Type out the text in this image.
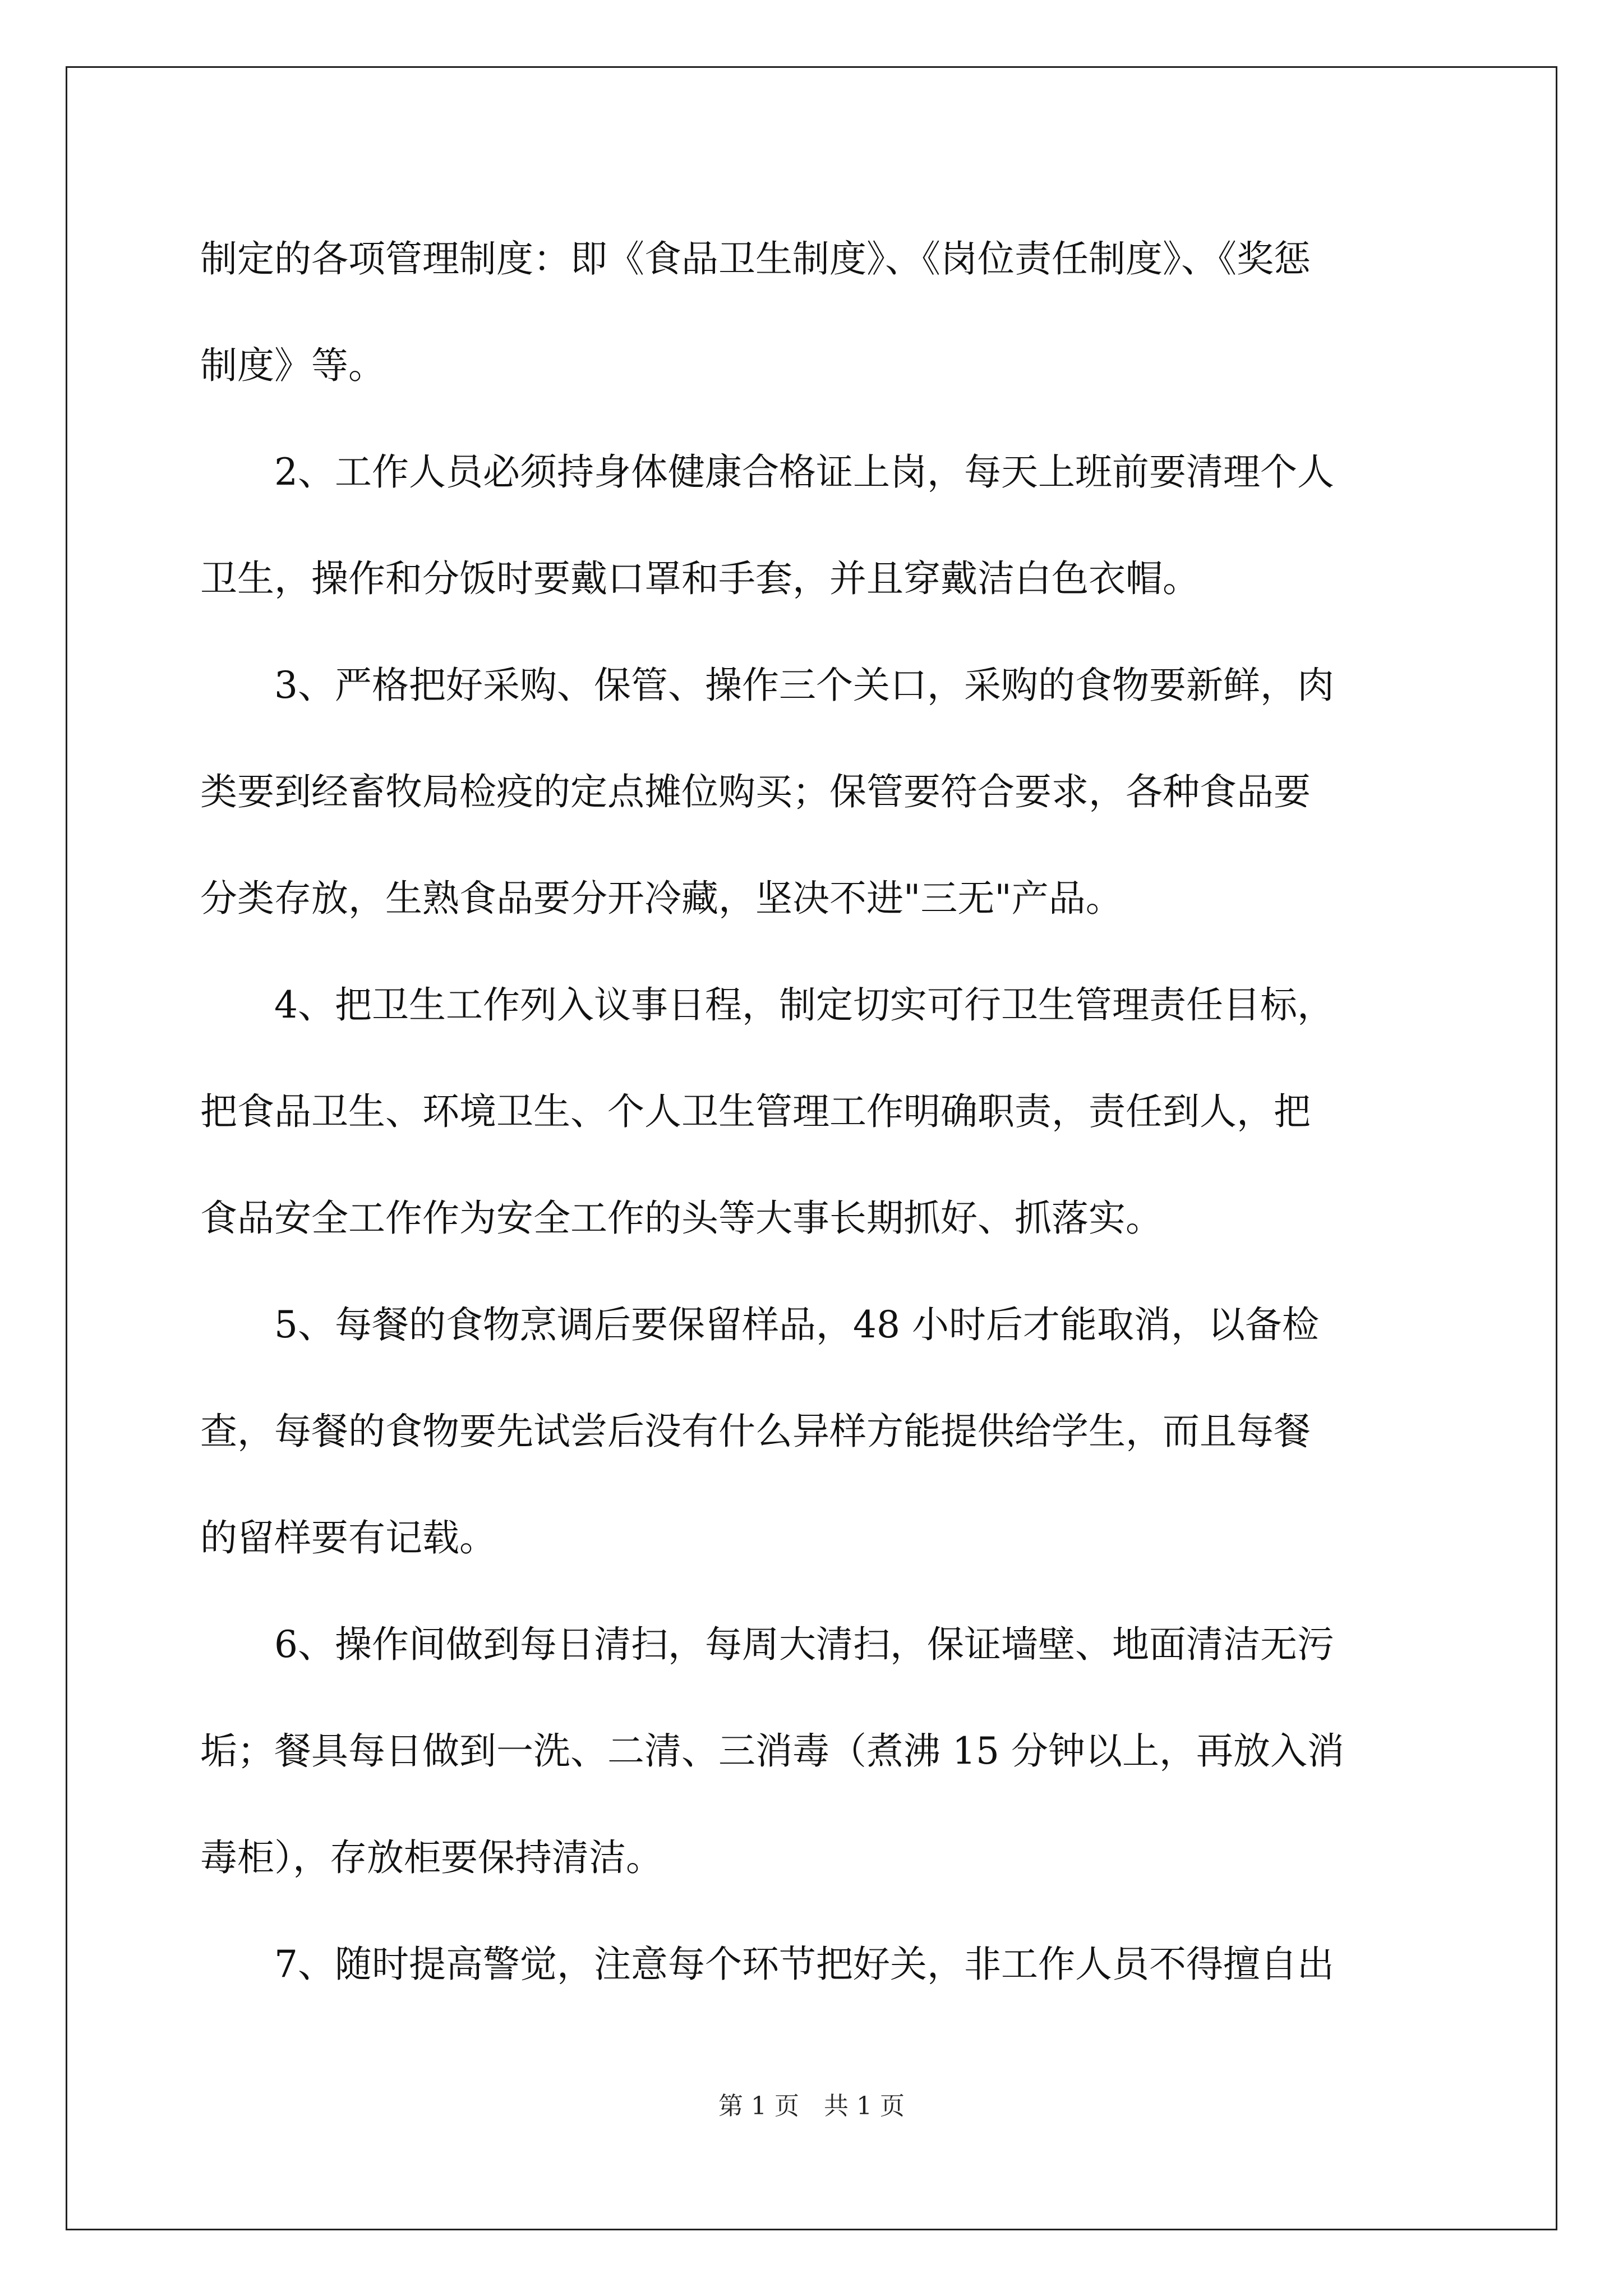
制定的各项管理制度：即《食品卫生制度》、《岗位责任制度》、《奖惩
制度》等。
　　2、工作人员必须持身体健康合格证上岗，每天上班前要清理个人
卫生，操作和分饭时要戴口罩和手套，并且穿戴洁白色衣帽。
　　3、严格把好采购、保管、操作三个关口，采购的食物要新鲜，肉
类要到经畜牧局检疫的定点摊位购买；保管要符合要求，各种食品要
分类存放，生熟食品要分开冷藏，坚决不进"三无"产品。
　　4、把卫生工作列入议事日程，制定切实可行卫生管理责任目标，
把食品卫生、环境卫生、个人卫生管理工作明确职责，责任到人，把
食品安全工作作为安全工作的头等大事长期抓好、抓落实。
　　5、每餐的食物烹调后要保留样品，48 小时后才能取消，以备检
查，每餐的食物要先试尝后没有什么异样方能提供给学生，而且每餐
的留样要有记载。
　　6、操作间做到每日清扫，每周大清扫，保证墙壁、地面清洁无污
垢；餐具每日做到一洗、二清、三消毒（煮沸 15 分钟以上，再放入消
毒柜），存放柜要保持清洁。
　　7、随时提高警觉，注意每个环节把好关，非工作人员不得擅自出
第 1 页　共 1 页
